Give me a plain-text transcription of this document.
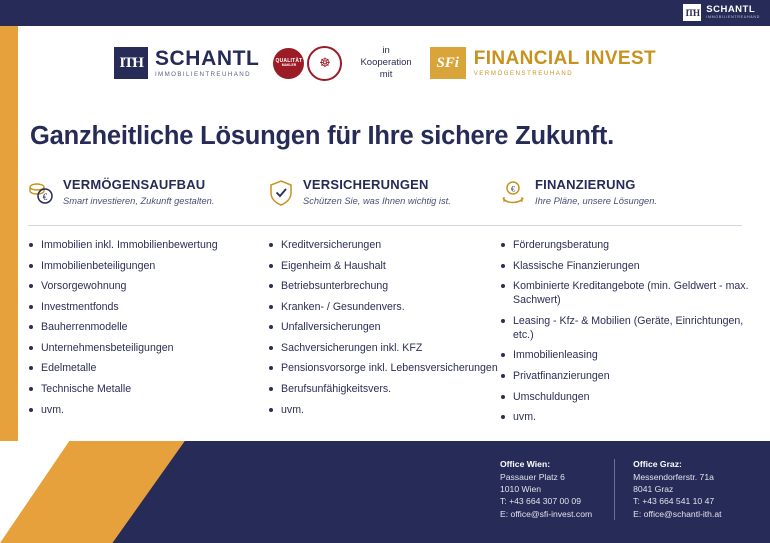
ITH SCHANTL
IMMOBILIENTREUHAND
ITH SCHANTL
IMMOBILIENTREUHAND
QUALITÄT
MAKLER	☸
in
Kooperation
mit
SFi FINANCIAL INVEST
VERMÖGENSTREUHAND
Ganzheitliche Lösungen für Ihre sichere Zukunft.
€
VERMÖGENSAUFBAU
Smart investieren, Zukunft gestalten.
VERSICHERUNGEN
Schützen Sie, was Ihnen wichtig ist.
€ FINANZIERUNG
Ihre Pläne, unsere Lösungen.
Immobilien inkl. Immobilienbewertung
Immobilienbeteiligungen
Vorsorgewohnung
Investmentfonds
Bauherrenmodelle
Unternehmensbeteiligungen
Edelmetalle
Technische Metalle
uvm.
Kreditversicherungen
Eigenheim & Haushalt
Betriebsunterbrechung
Kranken- / Gesundenvers.
Unfallversicherungen
Sachversicherungen inkl. KFZ
Pensionsvorsorge inkl. Lebensversicherungen
Berufsunfähigkeitsvers.
uvm.
Förderungsberatung
Klassische Finanzierungen
Kombinierte Kreditangebote (min. Geldwert - max. Sachwert)
Leasing - Kfz- & Mobilien (Geräte, Einrichtungen, etc.)
Immobilienleasing
Privatfinanzierungen
Umschuldungen
uvm.
Office Wien:
Passauer Platz 6
1010 Wien
T: +43 664 307 00 09
E: office@sfi-invest.com
Office Graz:
Messendorferstr. 71a
8041 Graz
T: +43 664 541 10 47
E: office@schantl-ith.at
